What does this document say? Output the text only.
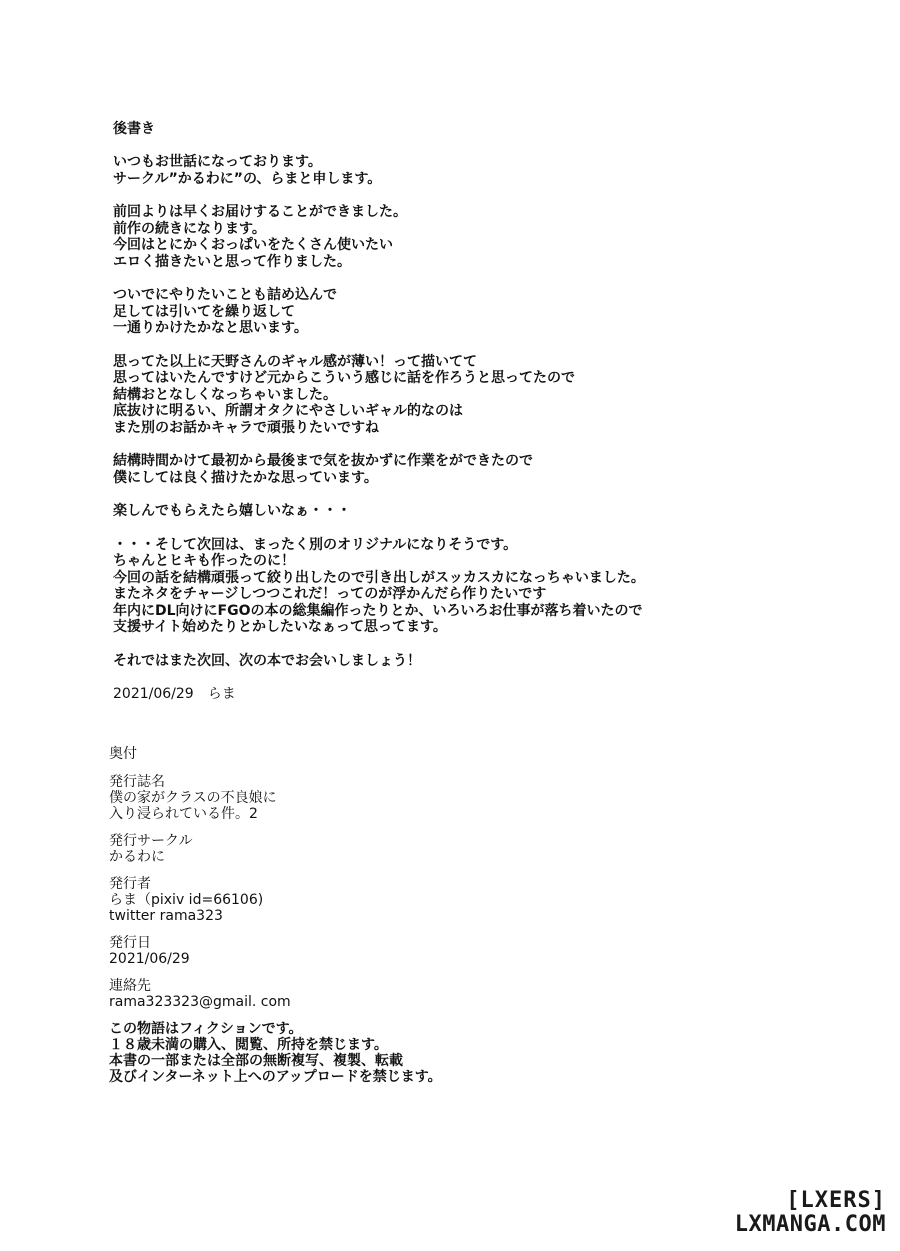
後書き
いつもお世話になっております。
サークル”かるわに”の、らまと申します。
前回よりは早くお届けすることができました。
前作の続きになります。
今回はとにかくおっぱいをたくさん使いたい
エロく描きたいと思って作りました。
ついでにやりたいことも詰め込んで
足しては引いてを繰り返して
一通りかけたかなと思います。
思ってた以上に天野さんのギャル感が薄い！って描いてて
思ってはいたんですけど元からこういう感じに話を作ろうと思ってたので
結構おとなしくなっちゃいました。
底抜けに明るい、所謂オタクにやさしいギャル的なのは
また別のお話かキャラで頑張りたいですね
結構時間かけて最初から最後まで気を抜かずに作業をができたので
僕にしては良く描けたかな思っています。
楽しんでもらえたら嬉しいなぁ・・・
・・・そして次回は、まったく別のオリジナルになりそうです。
ちゃんとヒキも作ったのに！
今回の話を結構頑張って絞り出したので引き出しがスッカスカになっちゃいました。
またネタをチャージしつつこれだ！ってのが浮かんだら作りたいです
年内にDL向けにFGOの本の総集編作ったりとか、いろいろお仕事が落ち着いたので
支援サイト始めたりとかしたいなぁって思ってます。
それではまた次回、次の本でお会いしましょう！
2021/06/29　らま
奥付
発行誌名
僕の家がクラスの不良娘に
入り浸られている件。2
発行サークル
かるわに
発行者
らま（pixiv id=66106)
twitter rama323
発行日
2021/06/29
連絡先
rama323323@gmail. com
この物語はフィクションです。
１８歳未満の購入、閲覧、所持を禁じます。
本書の一部または全部の無断複写、複製、転載
及びインターネット上へのアップロードを禁じます。
[LXERS]
LXMANGA.COM
